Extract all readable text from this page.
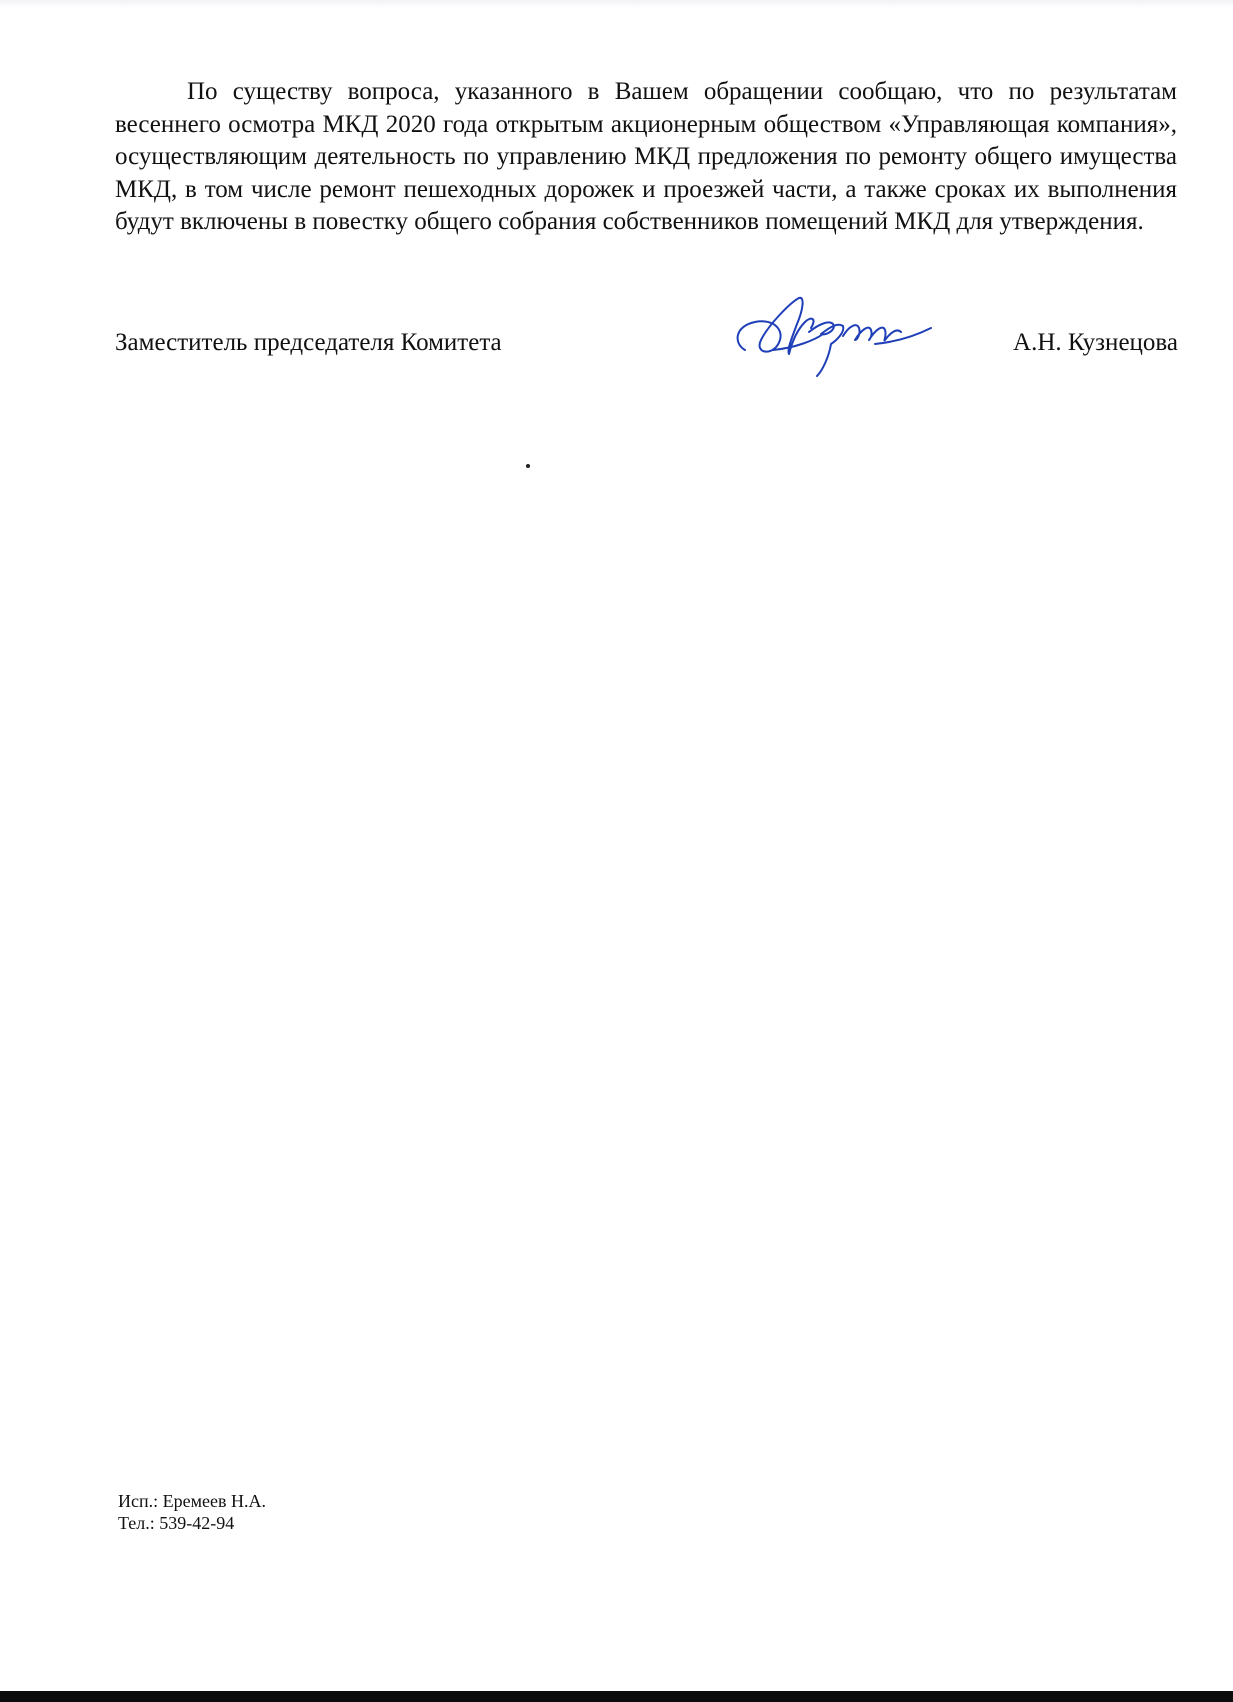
По существу вопроса, указанного в Вашем обращении сообщаю, что по результатам весеннего осмотра МКД 2020 года открытым акционерным обществом «Управляющая компания», осуществляющим деятельность по управлению МКД предложения по ремонту общего имущества МКД, в том числе ремонт пешеходных дорожек и проезжей части, а также сроках их выполнения будут включены в повестку общего собрания собственников помещений МКД для утверждения.

Заместитель председателя Комитета	А.Н. Кузнецова
Исп.: Еремеев Н.А.
Тел.: 539-42-94
